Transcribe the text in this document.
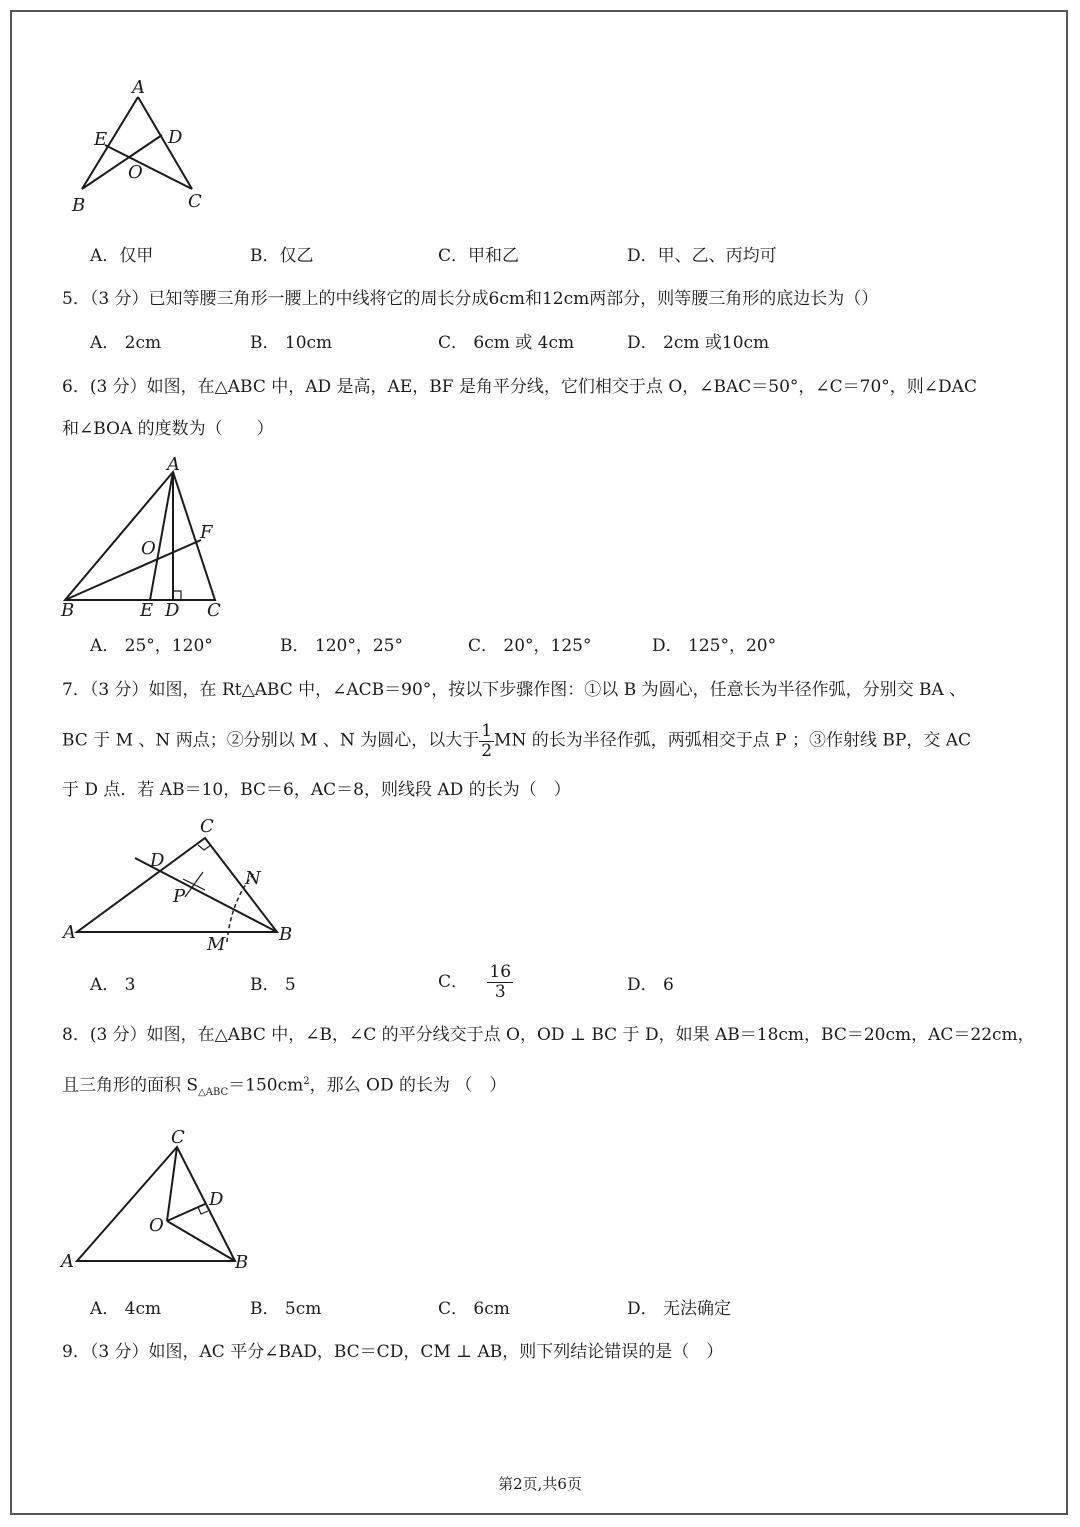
A
E	D
O
B	C
A．仅甲	B．仅乙	C．甲和乙	D．甲、乙、丙均可
5．（3 分）已知等腰三角形一腰上的中线将它的周长分成6cm和12cm两部分，则等腰三角形的底边长为（）
A． 2cm	B． 10cm	C． 6cm 或 4cm	D． 2cm 或10cm
6．(3 分）如图，在△ABC 中，AD 是高，AE，BF 是角平分线，它们相交于点 O，∠BAC＝50°，∠C＝70°，则∠DAC
和∠BOA 的度数为（　　）
A
F
O
B	E D C
A． 25°，120°	B． 120°，25°	C． 20°，125°	D． 125°，20°
7．（3 分）如图，在 Rt△ABC 中，∠ACB＝90°，按以下步骤作图：①以 B 为圆心，任意长为半径作弧，分别交 BA 、
BC 于 M 、N 两点；②分别以 M 、N 为圆心，以大于 $\frac{1}{2}$ MN 的长为半径作弧，两弧相交于点 P ；③作射线 BP，交 AC
于 D 点．若 AB＝10，BC＝6，AC＝8，则线段 AD 的长为（　）
C
D
N
P
A
M	B
A． 3	B． 5	C． $\frac{16}{3}$	D． 6
8．(3 分）如图，在△ABC 中，∠B，∠C 的平分线交于点 O，OD ⊥ BC 于 D，如果 AB＝18cm，BC＝20cm，AC＝22cm，
且三角形的面积 $S_{\triangle ABC}=150cm^2$，那么 OD 的长为 （　）
C
D
O
A	B
A． 4cm	B． 5cm	C． 6cm	D． 无法确定
9．（3 分）如图，AC 平分∠BAD，BC＝CD，CM ⊥ AB，则下列结论错误的是（　）
第2页,共6页
